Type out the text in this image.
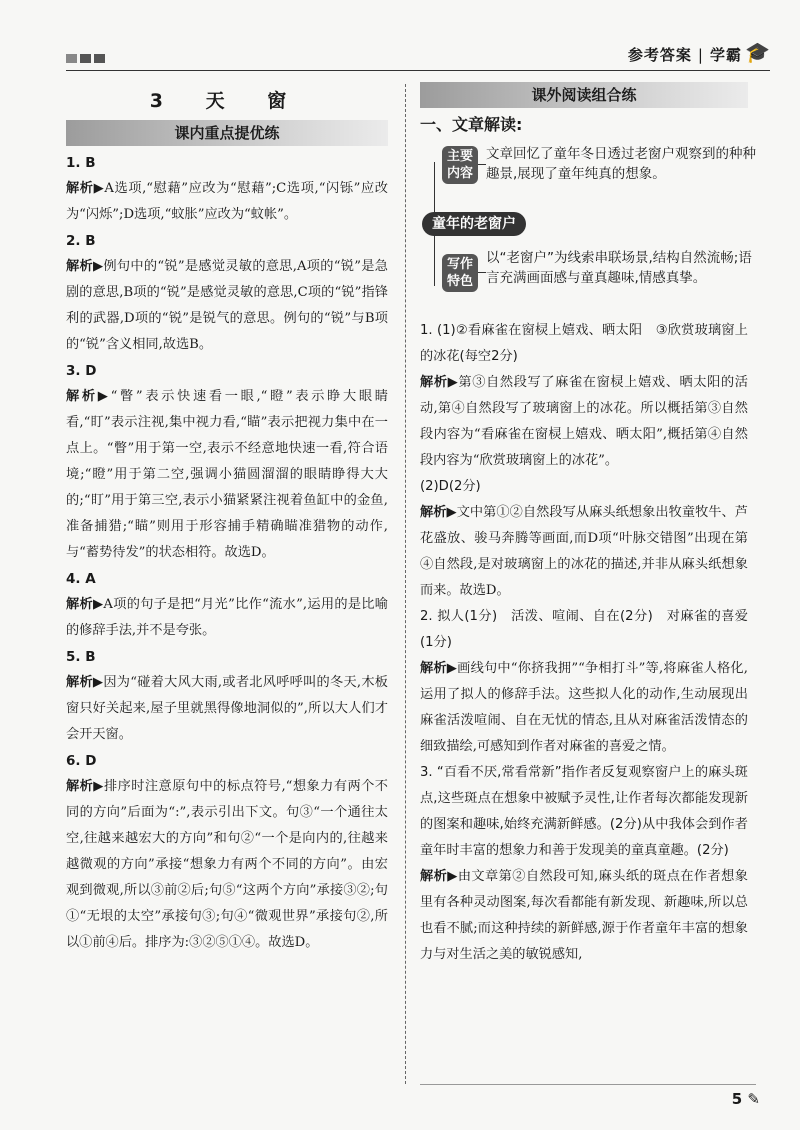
参考答案 | 学霸 🎓
3 天 窗
课内重点提优练
1. B

解析▶A选项,“慰藉”应改为“慰藉”;C选项,“闪铄”应改为“闪烁”;D选项,“蚊胀”应改为“蚊帐”。

2. B

解析▶例句中的“锐”是感觉灵敏的意思,A项的“锐”是急剧的意思,B项的“锐”是感觉灵敏的意思,C项的“锐”指锋利的武器,D项的“锐”是锐气的意思。例句的“锐”与B项的“锐”含义相同,故选B。

3. D

解析▶“瞥”表示快速看一眼,“瞪”表示睁大眼睛看,“盯”表示注视,集中视力看,“瞄”表示把视力集中在一点上。“瞥”用于第一空,表示不经意地快速一看,符合语境;“瞪”用于第二空,强调小猫圆溜溜的眼睛睁得大大的;“盯”用于第三空,表示小猫紧紧注视着鱼缸中的金鱼,准备捕猎;“瞄”则用于形容捕手精确瞄准猎物的动作,与“蓄势待发”的状态相符。故选D。

4. A

解析▶A项的句子是把“月光”比作“流水”,运用的是比喻的修辞手法,并不是夸张。

5. B

解析▶因为“碰着大风大雨,或者北风呼呼叫的冬天,木板窗只好关起来,屋子里就黑得像地洞似的”,所以大人们才会开天窗。

6. D

解析▶排序时注意原句中的标点符号,“想象力有两个不同的方向”后面为“:”,表示引出下文。句③“一个通往太空,往越来越宏大的方向”和句②“一个是向内的,往越来越微观的方向”承接“想象力有两个不同的方向”。由宏观到微观,所以③前②后;句⑤“这两个方向”承接③②;句①“无垠的太空”承接句③;句④“微观世界”承接句②,所以①前④后。排序为:③②⑤①④。故选D。

课外阅读组合练
一、文章解读:
主要内容
文章回忆了童年冬日透过老窗户观察到的种种趣景,展现了童年纯真的想象。
童年的老窗户
写作特色
以“老窗户”为线索串联场景,结构自然流畅;语言充满画面感与童真趣味,情感真挚。

1. (1)②看麻雀在窗棂上嬉戏、晒太阳　③欣赏玻璃窗上的冰花(每空2分)

解析▶第③自然段写了麻雀在窗棂上嬉戏、晒太阳的活动,第④自然段写了玻璃窗上的冰花。所以概括第③自然段内容为“看麻雀在窗棂上嬉戏、晒太阳”,概括第④自然段内容为“欣赏玻璃窗上的冰花”。

(2)D(2分)

解析▶文中第①②自然段写从麻头纸想象出牧童牧牛、芦花盛放、骏马奔腾等画面,而D项“叶脉交错图”出现在第④自然段,是对玻璃窗上的冰花的描述,并非从麻头纸想象而来。故选D。

2. 拟人(1分)　活泼、喧闹、自在(2分)　对麻雀的喜爱(1分)

解析▶画线句中“你挤我拥”“争相打斗”等,将麻雀人格化,运用了拟人的修辞手法。这些拟人化的动作,生动展现出麻雀活泼喧闹、自在无忧的情态,且从对麻雀活泼情态的细致描绘,可感知到作者对麻雀的喜爱之情。

3. “百看不厌,常看常新”指作者反复观察窗户上的麻头斑点,这些斑点在想象中被赋予灵性,让作者每次都能发现新的图案和趣味,始终充满新鲜感。(2分)从中我体会到作者童年时丰富的想象力和善于发现美的童真童趣。(2分)

解析▶由文章第②自然段可知,麻头纸的斑点在作者想象里有各种灵动图案,每次看都能有新发现、新趣味,所以总也看不腻;而这种持续的新鲜感,源于作者童年丰富的想象力与对生活之美的敏锐感知,

5 ✎
